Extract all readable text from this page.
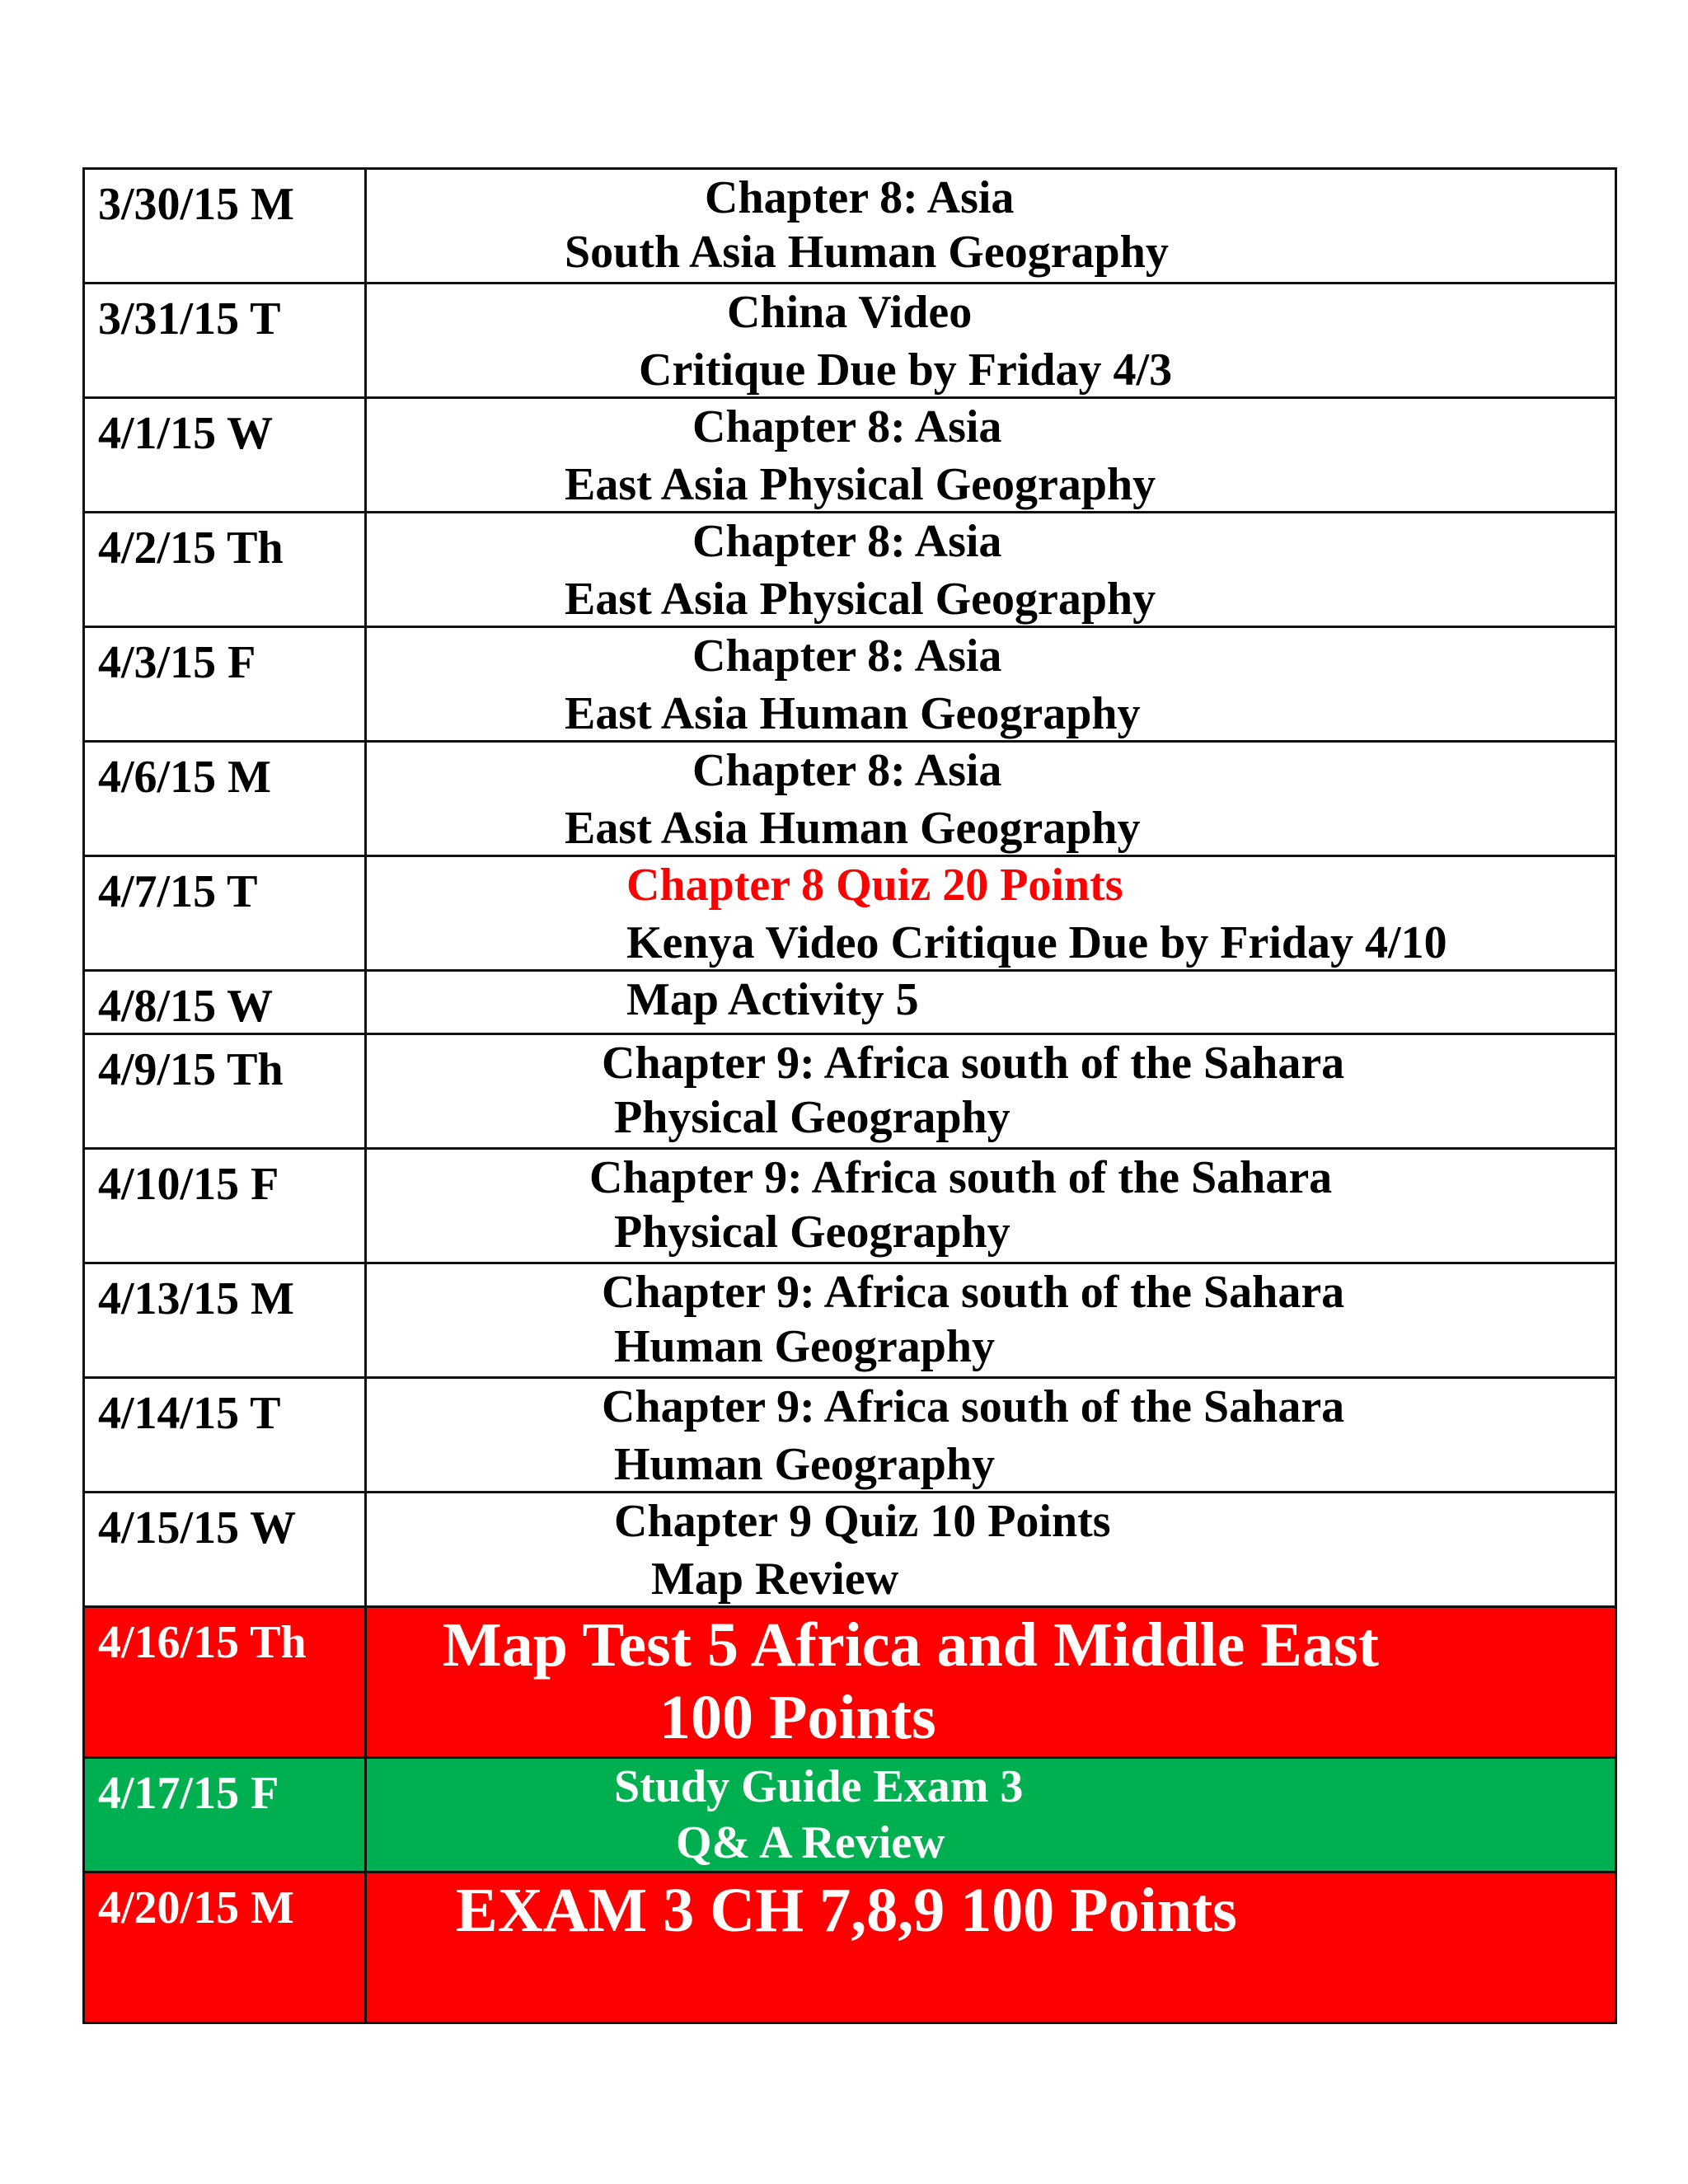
3/30/15 M	Chapter 8: Asia
South Asia Human Geography

3/31/15 T	China Video
Critique Due by Friday 4/3

4/1/15 W	Chapter 8: Asia
East Asia Physical Geography

4/2/15 Th	Chapter 8: Asia
East Asia Physical Geography

4/3/15 F	Chapter 8: Asia
East Asia Human Geography

4/6/15 M	Chapter 8: Asia
East Asia Human Geography

4/7/15 T	Chapter 8 Quiz 20 Points
Kenya Video Critique Due by Friday 4/10

4/8/15 W	Map Activity 5

4/9/15 Th	Chapter 9: Africa south of the Sahara
Physical Geography

4/10/15 F	Chapter 9: Africa south of the Sahara
Physical Geography

4/13/15 M	Chapter 9: Africa south of the Sahara
Human Geography

4/14/15 T	Chapter 9: Africa south of the Sahara
Human Geography

4/15/15 W	Chapter 9 Quiz 10 Points
Map Review

4/16/15 Th	Map Test 5 Africa and Middle East
100 Points

4/17/15 F	Study Guide Exam 3
Q& A Review

4/20/15 M	EXAM 3 CH 7,8,9 100 Points
